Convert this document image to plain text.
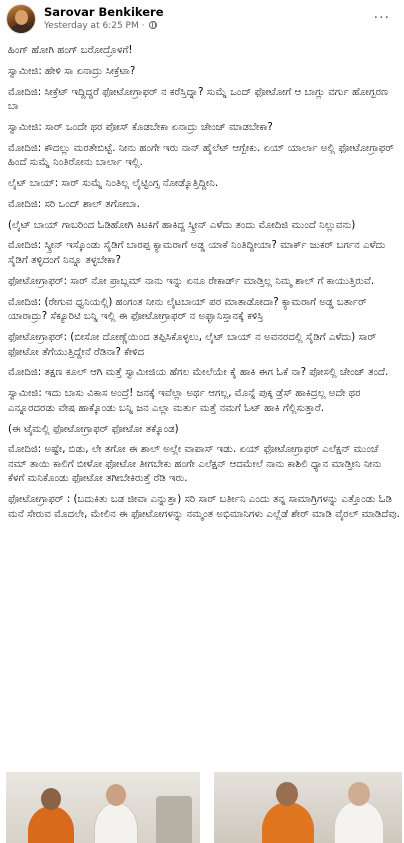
Sarovar Benkikere
Yesterday at 6:25 PM ·	···
ಹಿಂಗ್ ಹೋಗಿ ಹಂಗ್ ಬರೋದ್ರೊಳಗೆ!
ಸ್ವಾಮೀಜಿ: ಹೇಳಿ ಸಾ ಏನಾದ್ರು ಸೀಕ್ರೆಟಾ?
ಮೋದಿಜಿ: ಸೀಕ್ರೆಟ್ ಇದ್ದಿದ್ದರೆ ಫೋಟೋಗ್ರಾಫರ್ ನ ಕರೆಸ್ತಿದ್ನಾ? ಸುಮ್ನೆ ಒಂದ್ ಫೋಟೋಗೆ ಆ ಬಾಗ್ಲು ವರ್ಗು ಹೋಗ್ಬರಣ ಬಾ
ಸ್ವಾಮೀಜಿ: ಸಾರ್ ಒಂದೇ ಥರ ಪೋಸ್ ಕೊಡಬೇಕಾ ಏನಾದ್ರು ಚೇಂಜ್ ಮಾಡಬೇಕಾ?
ಮೋದಿಜಿ: ಕೌದಲ್ಲು ಮರತೇಬಿಟ್ಟೆ. ನೀನು ಹಂಗೇ ಇರು ನಾನ್ ಹೈಲೆಟ್ ಆಗ್ಬೇಕು. ಏಯ್ ಯಾರ್ಲಾ ಅಲ್ಲಿ ಫೋಟೋಗ್ರಾಫರ್ ಹಿಂದೆ ಸುಮ್ನೆ ನಿಂತಿರೋನು ಬಾರ್ಲಾ ಇಲ್ಲಿ.
ಲೈಟ್ ಬಾಯ್: ಸಾರ್ ಸುಮ್ನೆ ನಿಂತಿಲ್ಲ ಲೈಟ್ಟಿಂಗ್ಸ ನೋಡ್ಕೊತ್ತಿದ್ದೀನಿ.
ಮೋದಿಜಿ: ಸರಿ ಒಂದ್ ಶಾಲ್ ತಗೋಬಾ.
(ಲೈಟ್ ಬಾಯ್ ಗಾಬರಿಂದ ಓಡಿಹೋಗಿ ಕಿಟಕಿಗೆ ಹಾಕಿದ್ದ ಸ್ಕ್ರೀನ್ ಎಳೆದು ತಂದು ಮೋದಿಜಿ ಮುಂದೆ ನಿಲ್ಲುವನು)
ಮೋದಿಜಿ: ಸ್ಕ್ರೀನ್ ಇಸ್ಕೊಂಡು ಸೈಡಿಗೆ ಬಾರಪ್ಪ ಕ್ಯಾಮರಾಗೆ ಅಡ್ಡ ಯಾಕೆ ನಿಂತಿದ್ದೀಯಾ? ಮಾರ್ಕ್ ಜುಕರ್ ಬರ್ಗನ ಎಳೆದು ಸೈಡಿಗೆ ತಳ್ಳಿದಂಗೆ ನಿನ್ನೂ ತಳ್ಳಬೇಕಾ?
ಫೋಟೋಗ್ರಾಫರ್: ಸಾರ್ ನೋ ಪ್ರಾಬ್ಲಮ್ ನಾನು ಇನ್ನು ಏನೂ ರೇಕಾರ್ಡ್ ಮಾಡ್ತಿಲ್ಲ ನಿಮ್ಮ ಶಾಲ್ ಗೆ ಕಾಯುತ್ತಿರುವೆ.
ಮೋದಿಜಿ: (ರೇಗುವ ಧ್ವನಿಯಲ್ಲಿ) ಹಂಗಂತ ನೀನು ಲೈಟಬಾಯ್ ಪರ ಮಾತಾಡೋದಾ? ಕ್ಯಾಮರಾಗೆ ಅಡ್ಡ ಬರ್ತಾರ್ ಯಾರಾದ್ರು? ಸೆಕ್ಯೂರಿಟಿ ಬನ್ನಿ ಇಲ್ಲಿ ಈ ಫೋಟೋಗ್ರಾಫರ್ ನ ಅಫ್ಘಾನಿಸ್ತಾನಕ್ಕೆ ಕಳಿಸ್ರಿ
ಫೋಟೋಗ್ರಾಫರ್: (ಬೀಸೋ ದೋಣ್ಣೆಯಿಂದ ತಪ್ಪಿಸಿಕೊಳ್ಳಲು, ಲೈಟ್ ಬಾಯ್ ನ ಅವನರದಲ್ಲಿ ಸೈಡಿಗೆ ಎಳೆದು) ಸಾರ್ ಫೋಟೋ ತೆಗೆಯುತ್ತಿದ್ದೇನೆ ರೆಡಿನಾ? ಕೇಳಿದ
ಮೋದಿಜಿ: ತಕ್ಷಣ ಕೂಲ್ ಆಗಿ ಮತ್ತೆ ಸ್ವಾಮೀಜಿಯ ಹೆಗಲ ಮೇಲೆಯೇ ಕೈ ಹಾಕಿ ಈಗ ಓಕೆ ನಾ? ಪೋಸಲ್ಲಿ ಚೇಂಜ್ ತಂದೆ.
ಸ್ವಾಮೀಜಿ: ಇದು ಬಾಸು ವಿಕಾಸ ಅಂದ್ರೆ! ಜನಕ್ಕೆ ಇವೆಲ್ಲಾ ಅರ್ಥ ಆಗಲ್ಲ, ಮೊನ್ನೆ ಪುಕ್ಕ ಡ್ರೆಸ್ ಹಾಕಿದ್ರಲ್ಲ ಅದೇ ಥರ ಎನ್ನೂರದರಡು ವೇಷ ಹಾಕ್ಕೊಂಡು ಬನ್ನಿ ಜನ ಎಲ್ಲಾ ಮರ್ತು ಮತ್ತೆ ನಮಗೆ ಓಟ್ ಹಾಕಿ ಗೆಲ್ಲಿಸುತ್ತಾರೆ.
(ಈ ಟೈಮಲ್ಲಿ ಫೋಟೋಗ್ರಾಫರ್ ಫೋಟೋ ತಕ್ಕೊಂಡ)
ಮೋದಿಜಿ: ಅಷ್ಟೇ, ಬಿಡು, ಲೇ ತಗೋ ಈ ಶಾಲ್ ಅಲ್ಲೇ ವಾಪಾಸ್ ಇಡು. ಏಯ್ ಫೋಟೋಗ್ರಾಫರ್ ಎಲೆಕ್ಷನ್ ಮುಂಚೆ ನಮ್ ತಾಯಿ ಕಾಲಿಗೆ ಬೀಳೋ ಫೋಟೋ ತೀಗಬೇಕು ಹಂಗೇ ಎಲೆಕ್ಷನ್ ಆದಮೇಲೆ ನಾನು ಕಾಶಿಲಿ ಧ್ಯಾನ ಮಾಡ್ತೀನಿ ನೀನು ಕೆಳಗೆ ಮನಿಕೊಂಡು ಫೋಟೋ ತಗೀಬೇಕಿರುತ್ತೆ ರೆಡಿ ಇರು.
ಫೋಟೋಗ್ರಾಫರ್ : (ಬದುಕಿತು ಬಡ ಜೀವಾ ಎನ್ನುತ್ತಾ) ಸರಿ ಸಾರ್ ಬರ್ತೀನಿ ಎಂದು ತನ್ನ ಸಾಮಾಗ್ರಿಗಳನ್ನು ಎತ್ತೊಂಡು ಓಡಿ ಮನೆ ಸೇರುವ ಮೊದಲೇ, ಮೇಲಿನ ಈ ಫೋಟೋಗಳನ್ನು ನಮ್ಮಂತ ಅಭಿಮಾನಿಗಳು ಎಲ್ಲೆಡೆ ಶೇರ್ ಮಾಡಿ ವೈರಲ್ ಮಾಡಿದೆವು.
